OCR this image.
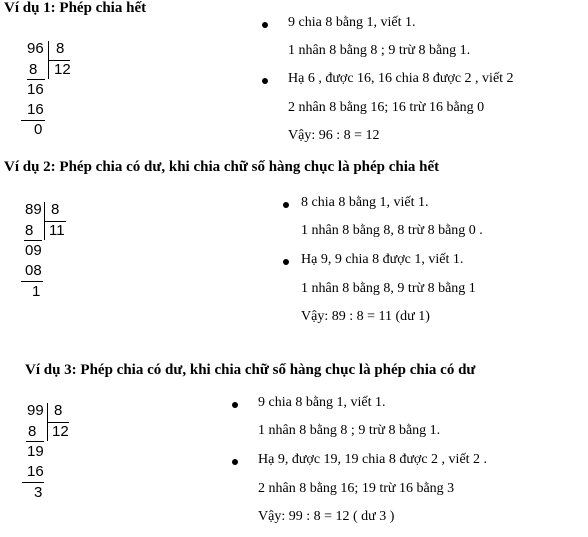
Ví dụ 1: Phép chia hết
96 8
12
8
16
16
0
9 chia 8 bằng 1, viết 1.
1 nhân 8 bằng 8 ; 9 trừ 8 bằng 1.
Hạ 6 , được 16, 16 chia 8 được 2 , viết 2
2 nhân 8 bằng 16; 16 trừ 16 bằng 0
Vậy: 96 : 8 = 12
Ví dụ 2: Phép chia có dư, khi chia chữ số hàng chục là phép chia hết
89 8
11
8
09
08
1
8 chia 8 bằng 1, viết 1.
1 nhân 8 bằng 8, 8 trừ 8 bằng 0 .
Hạ 9, 9 chia 8 được 1, viết 1.
1 nhân 8 bằng 8, 9 trừ 8 bằng 1
Vậy: 89 : 8 = 11 (dư 1)
Ví dụ 3: Phép chia có dư, khi chia chữ số hàng chục là phép chia có dư
99 8
12
8
19
16
3
9 chia 8 bằng 1, viết 1.
1 nhân 8 bằng 8 ; 9 trừ 8 bằng 1.
Hạ 9, được 19, 19 chia 8 được 2 , viết 2 .
2 nhân 8 bằng 16; 19 trừ 16 bằng 3
Vậy: 99 : 8 = 12 ( dư 3 )
